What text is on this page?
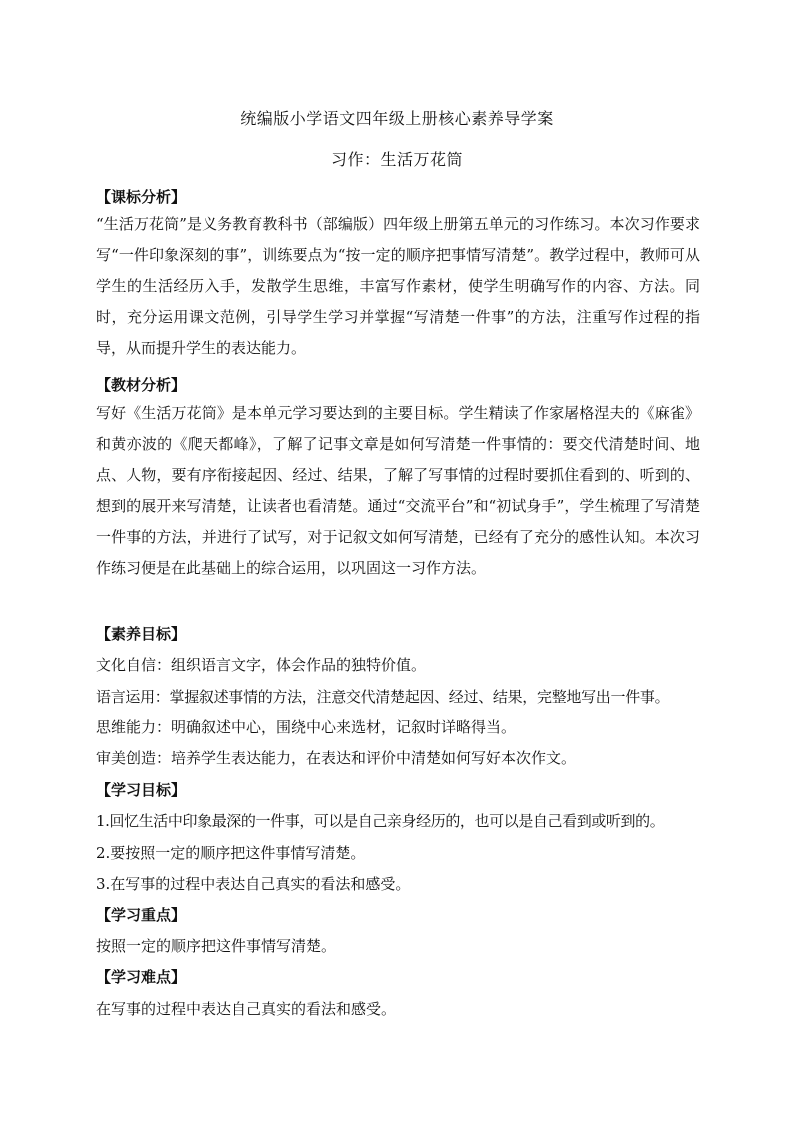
统编版小学语文四年级上册核心素养导学案
习作：生活万花筒
【课标分析】
“生活万花筒”是义务教育教科书（部编版）四年级上册第五单元的习作练习。本次习作要求写“一件印象深刻的事”，训练要点为“按一定的顺序把事情写清楚”。教学过程中，教师可从学生的生活经历入手，发散学生思维，丰富写作素材，使学生明确写作的内容、方法。同时，充分运用课文范例，引导学生学习并掌握“写清楚一件事”的方法，注重写作过程的指导，从而提升学生的表达能力。
【教材分析】
写好《生活万花筒》是本单元学习要达到的主要目标。学生精读了作家屠格涅夫的《麻雀》和黄亦波的《爬天都峰》，了解了记事文章是如何写清楚一件事情的：要交代清楚时间、地点、人物，要有序衔接起因、经过、结果，了解了写事情的过程时要抓住看到的、听到的、想到的展开来写清楚，让读者也看清楚。通过“交流平台”和“初试身手”，学生梳理了写清楚一件事的方法，并进行了试写，对于记叙文如何写清楚，已经有了充分的感性认知。本次习作练习便是在此基础上的综合运用，以巩固这一习作方法。
【素养目标】
文化自信：组织语言文字，体会作品的独特价值。
语言运用：掌握叙述事情的方法，注意交代清楚起因、经过、结果，完整地写出一件事。
思维能力：明确叙述中心，围绕中心来选材，记叙时详略得当。
审美创造：培养学生表达能力，在表达和评价中清楚如何写好本次作文。
【学习目标】
1.回忆生活中印象最深的一件事，可以是自己亲身经历的，也可以是自己看到或听到的。
2.要按照一定的顺序把这件事情写清楚。
3.在写事的过程中表达自己真实的看法和感受。
【学习重点】
按照一定的顺序把这件事情写清楚。
【学习难点】
在写事的过程中表达自己真实的看法和感受。
